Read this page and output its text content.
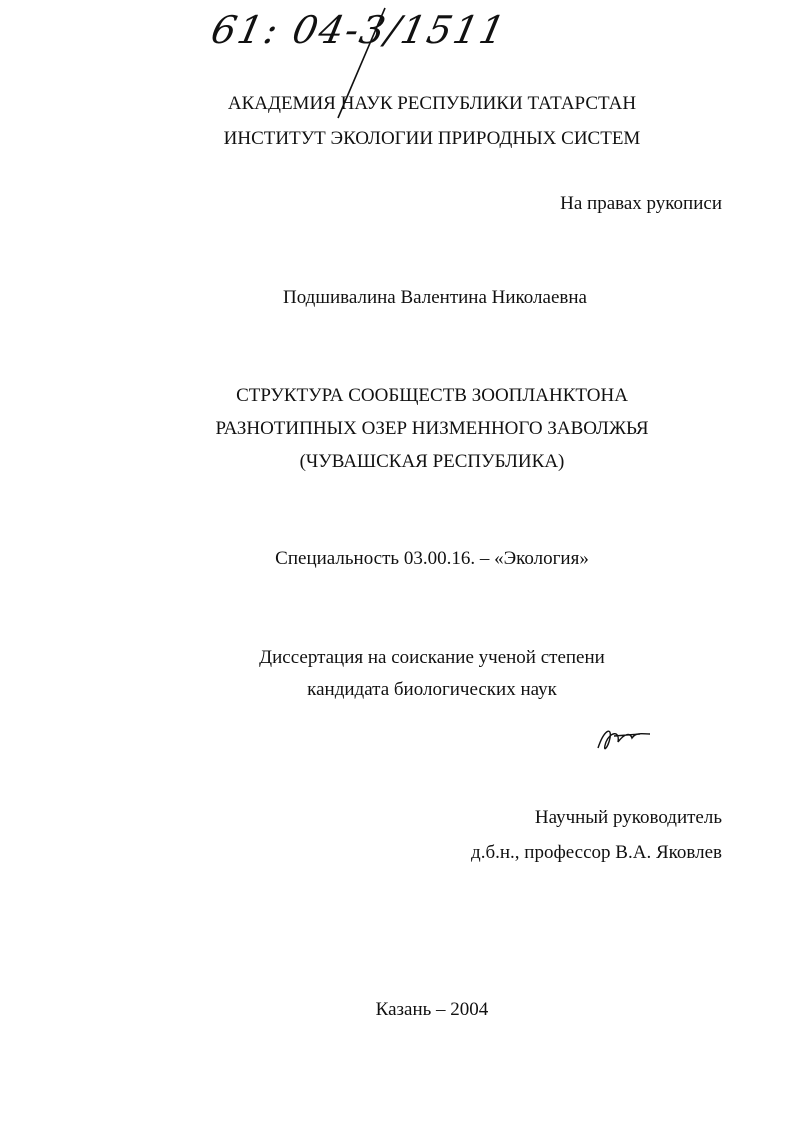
61: 04-3/1511
АКАДЕМИЯ НАУК РЕСПУБЛИКИ ТАТАРСТАН
ИНСТИТУТ ЭКОЛОГИИ ПРИРОДНЫХ СИСТЕМ
На правах рукописи
Подшивалина Валентина Николаевна
СТРУКТУРА СООБЩЕСТВ ЗООПЛАНКТОНА
РАЗНОТИПНЫХ ОЗЕР НИЗМЕННОГО ЗАВОЛЖЬЯ
(ЧУВАШСКАЯ РЕСПУБЛИКА)
Специальность 03.00.16. – «Экология»
Диссертация на соискание ученой степени
кандидата биологических наук
Научный руководитель
д.б.н., профессор В.А. Яковлев
Казань – 2004
